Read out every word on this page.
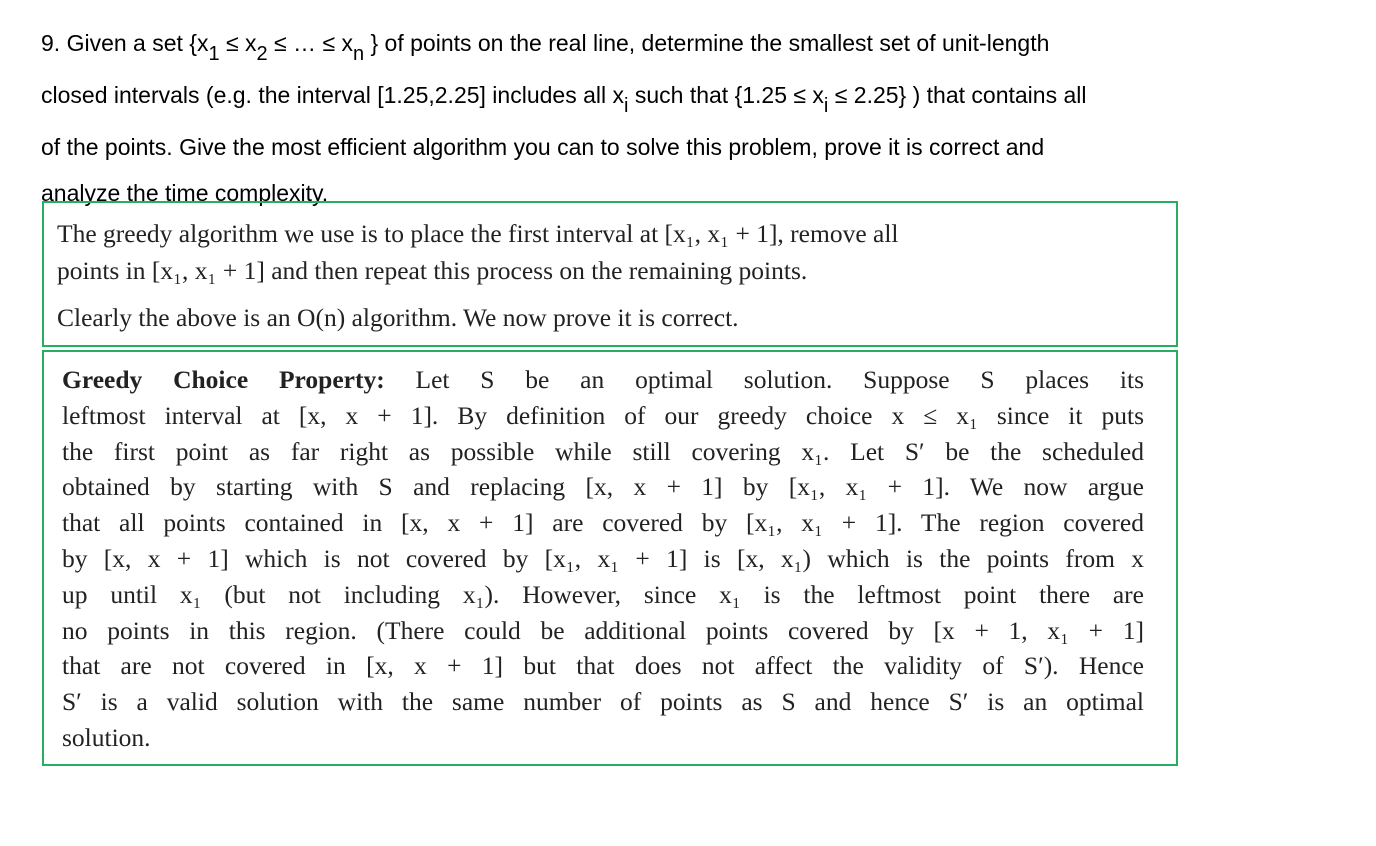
9. Given a set {x1 ≤ x2 ≤ … ≤ xn } of points on the real line, determine the smallest set of unit-length
closed intervals (e.g. the interval [1.25,2.25] includes all xi such that {1.25 ≤ xi ≤ 2.25} ) that contains all
of the points. Give the most efficient algorithm you can to solve this problem, prove it is correct and
analyze the time complexity.

The greedy algorithm we use is to place the first interval at [x₁, x₁ + 1], remove all

points in [x₁, x₁ + 1] and then repeat this process on the remaining points.

Clearly the above is an O(n) algorithm. We now prove it is correct.

Greedy Choice Property: Let S be an optimal solution. Suppose S places its
leftmost interval at [x, x + 1]. By definition of our greedy choice x ≤ x₁ since it puts
the first point as far right as possible while still covering x₁. Let S′ be the scheduled
obtained by starting with S and replacing [x, x + 1] by [x₁, x₁ + 1]. We now argue
that all points contained in [x, x + 1] are covered by [x₁, x₁ + 1]. The region covered
by [x, x + 1] which is not covered by [x₁, x₁ + 1] is [x, x₁) which is the points from x
up until x₁ (but not including x₁). However, since x₁ is the leftmost point there are
no points in this region. (There could be additional points covered by [x + 1, x₁ + 1]
that are not covered in [x, x + 1] but that does not affect the validity of S′). Hence
S′ is a valid solution with the same number of points as S and hence S′ is an optimal
solution.
